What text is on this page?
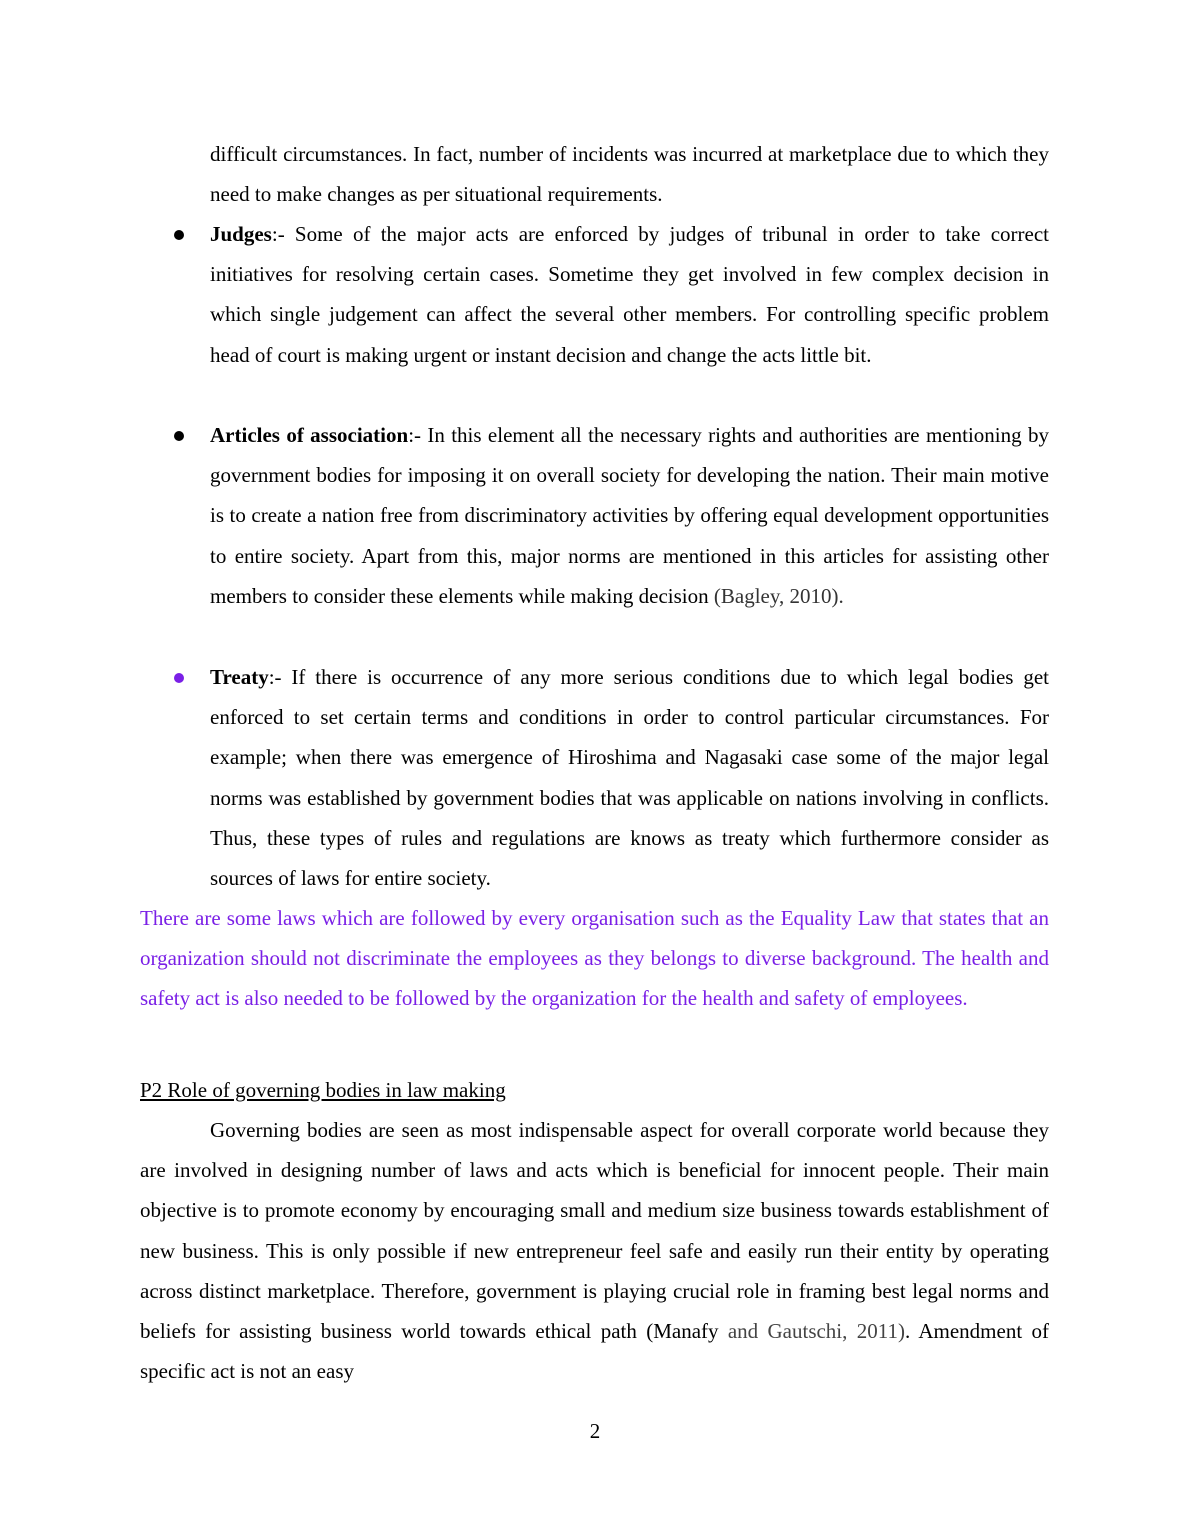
difficult circumstances. In fact, number of incidents was incurred at marketplace due to which they need to make changes as per situational requirements.

Judges:- Some of the major acts are enforced by judges of tribunal in order to take correct initiatives for resolving certain cases. Sometime they get involved in few complex decision in which single judgement can affect the several other members. For controlling specific problem head of court is making urgent or instant decision and change the acts little bit.

Articles of association:- In this element all the necessary rights and authorities are mentioning by government bodies for imposing it on overall society for developing the nation. Their main motive is to create a nation free from discriminatory activities by offering equal development opportunities to entire society. Apart from this, major norms are mentioned in this articles for assisting other members to consider these elements while making decision (Bagley, 2010).

Treaty:- If there is occurrence of any more serious conditions due to which legal bodies get enforced to set certain terms and conditions in order to control particular circumstances. For example; when there was emergence of Hiroshima and Nagasaki case some of the major legal norms was established by government bodies that was applicable on nations involving in conflicts. Thus, these types of rules and regulations are knows as treaty which furthermore consider as sources of laws for entire society.

There are some laws which are followed by every organisation such as the Equality Law that states that an organization should not discriminate the employees as they belongs to diverse background. The health and safety act is also needed to be followed by the organization for the health and safety of employees.

P2 Role of governing bodies in law making

Governing bodies are seen as most indispensable aspect for overall corporate world because they are involved in designing number of laws and acts which is beneficial for innocent people. Their main objective is to promote economy by encouraging small and medium size business towards establishment of new business. This is only possible if new entrepreneur feel safe and easily run their entity by operating across distinct marketplace. Therefore, government is playing crucial role in framing best legal norms and beliefs for assisting business world towards ethical path (Manafy and Gautschi, 2011). Amendment of specific act is not an easy

2
